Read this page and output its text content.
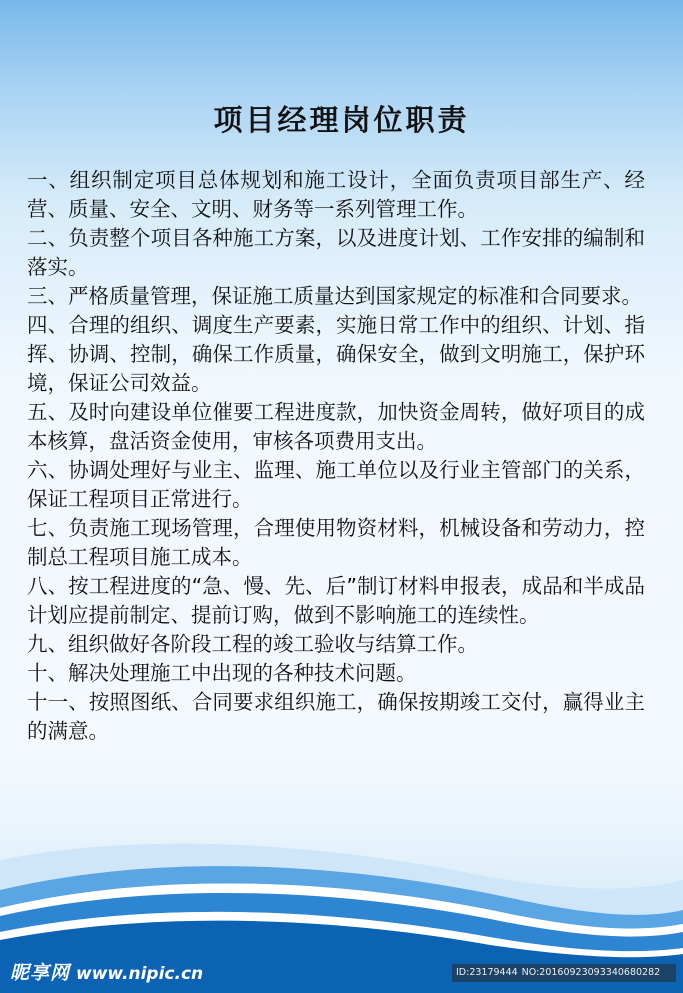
项目经理岗位职责
一、组织制定项目总体规划和施工设计，全面负责项目部生产、经营、质量、安全、文明、财务等一系列管理工作。
二、负责整个项目各种施工方案，以及进度计划、工作安排的编制和落实。
三、严格质量管理，保证施工质量达到国家规定的标准和合同要求。
四、合理的组织、调度生产要素，实施日常工作中的组织、计划、指挥、协调、控制，确保工作质量，确保安全，做到文明施工，保护环境，保证公司效益。
五、及时向建设单位催要工程进度款，加快资金周转，做好项目的成本核算，盘活资金使用，审核各项费用支出。
六、协调处理好与业主、监理、施工单位以及行业主管部门的关系，保证工程项目正常进行。
七、负责施工现场管理，合理使用物资材料，机械设备和劳动力，控制总工程项目施工成本。
八、按工程进度的“急、慢、先、后”制订材料申报表，成品和半成品计划应提前制定、提前订购，做到不影响施工的连续性。
九、组织做好各阶段工程的竣工验收与结算工作。
十、解决处理施工中出现的各种技术问题。
十一、按照图纸、合同要求组织施工，确保按期竣工交付，赢得业主的满意。
昵享网 www.nipic.cn	ID:23179444 NO:20160923093340680282
